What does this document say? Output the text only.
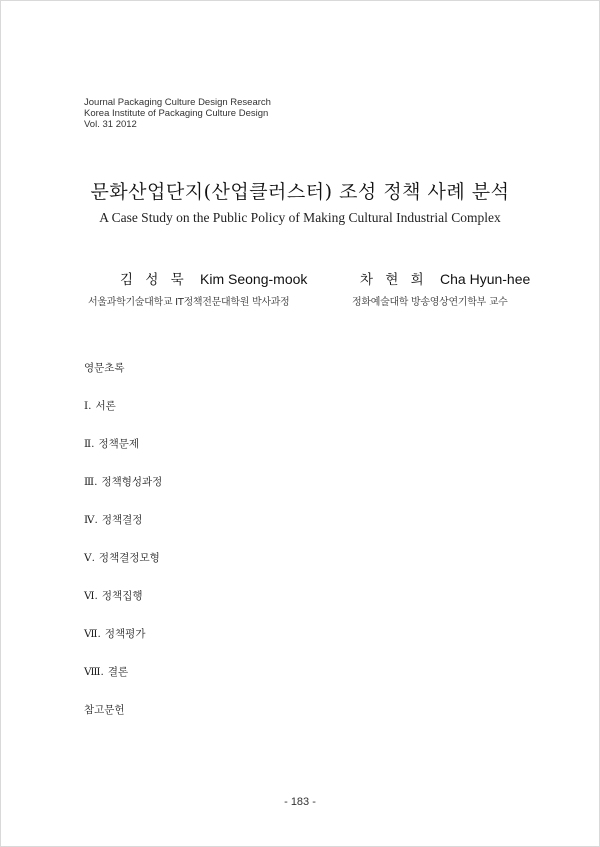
Journal Packaging Culture Design Research
Korea Institute of Packaging Culture Design
Vol. 31 2012
문화산업단지(산업클러스터) 조성 정책 사례 분석
A Case Study on the Public Policy of Making Cultural Industrial Complex
김 성 묵 Kim Seong-mook	차 현 희 Cha Hyun-hee
서울과학기술대학교 IT정책전문대학원 박사과정	정화예술대학 방송영상연기학부 교수
영문초록
Ⅰ. 서론
Ⅱ. 정책문제
Ⅲ. 정책형성과정
Ⅳ. 정책결정
Ⅴ. 정책결정모형
Ⅵ. 정책집행
Ⅶ. 정책평가
Ⅷ. 결론
참고문헌
- 183 -
